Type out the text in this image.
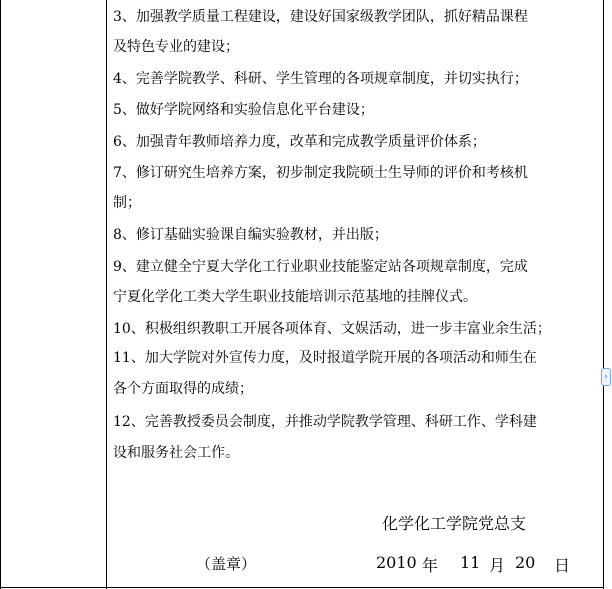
3、加强教学质量工程建设，建设好国家级教学团队，抓好精品课程
及特色专业的建设；
4、完善学院教学、科研、学生管理的各项规章制度，并切实执行；
5、做好学院网络和实验信息化平台建设；
6、加强青年教师培养力度，改革和完成教学质量评价体系；
7、修订研究生培养方案，初步制定我院硕士生导师的评价和考核机
制；
8、修订基础实验课自编实验教材，并出版；
9、建立健全宁夏大学化工行业职业技能鉴定站各项规章制度，完成
宁夏化学化工类大学生职业技能培训示范基地的挂牌仪式。
10、积极组织教职工开展各项体育、文娱活动，进一步丰富业余生活；
11、加大学院对外宣传力度，及时报道学院开展的各项活动和师生在
各个方面取得的成绩；
12、完善教授委员会制度，并推动学院教学管理、科研工作、学科建
设和服务社会工作。
化学化工学院党总支
（盖章）	2010 年 11 月 20 日
›
